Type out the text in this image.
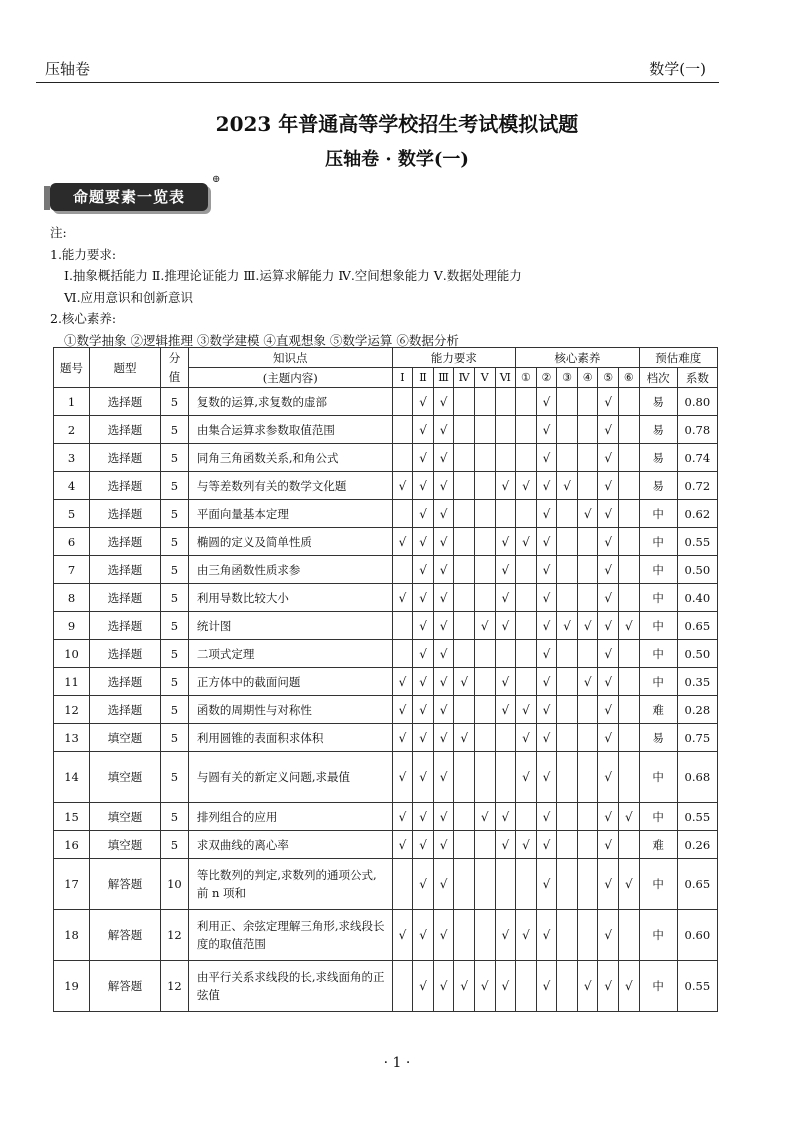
压轴卷	数学(一)
2023 年普通高等学校招生考试模拟试题
压轴卷 · 数学(一)
命题要素一览表
⊕
注:
1.能力要求:
Ⅰ.抽象概括能力 Ⅱ.推理论证能力 Ⅲ.运算求解能力 Ⅳ.空间想象能力 Ⅴ.数据处理能力
Ⅵ.应用意识和创新意识
2.核心素养:
①数学抽象 ②逻辑推理 ③数学建模 ④直观想象 ⑤数学运算 ⑥数据分析
题号	题型	分值	知识点	能力要求						核心素养						预估难度	
			(主题内容)	Ⅰ	Ⅱ	Ⅲ	Ⅳ	Ⅴ	Ⅵ	①	②	③	④	⑤	⑥	档次	系数
1	选择题	5	复数的运算,求复数的虚部		√	√					√			√		易	0.80
2	选择题	5	由集合运算求参数取值范围		√	√					√			√		易	0.78
3	选择题	5	同角三角函数关系,和角公式		√	√					√			√		易	0.74
4	选择题	5	与等差数列有关的数学文化题	√	√	√			√	√	√	√		√		易	0.72
5	选择题	5	平面向量基本定理		√	√					√		√	√		中	0.62
6	选择题	5	椭圆的定义及简单性质	√	√	√			√	√	√			√		中	0.55
7	选择题	5	由三角函数性质求参		√	√			√		√			√		中	0.50
8	选择题	5	利用导数比较大小	√	√	√			√		√			√		中	0.40
9	选择题	5	统计图		√	√		√	√		√	√	√	√	√	中	0.65
10	选择题	5	二项式定理		√	√					√			√		中	0.50
11	选择题	5	正方体中的截面问题	√	√	√	√		√		√		√	√		中	0.35
12	选择题	5	函数的周期性与对称性	√	√	√			√	√	√			√		难	0.28
13	填空题	5	利用圆锥的表面积求体积	√	√	√	√			√	√			√		易	0.75
14	填空题	5	与圆有关的新定义问题,求最值	√	√	√				√	√			√		中	0.68
15	填空题	5	排列组合的应用	√	√	√		√	√		√			√	√	中	0.55
16	填空题	5	求双曲线的离心率	√	√	√			√	√	√			√		难	0.26
17	解答题	10	等比数列的判定,求数列的通项公式,前 n 项和		√	√					√			√	√	中	0.65
18	解答题	12	利用正、余弦定理解三角形,求线段长度的取值范围	√	√	√			√	√	√			√		中	0.60
19	解答题	12	由平行关系求线段的长,求线面角的正弦值		√	√	√	√	√		√		√	√	√	中	0.55
· 1 ·
